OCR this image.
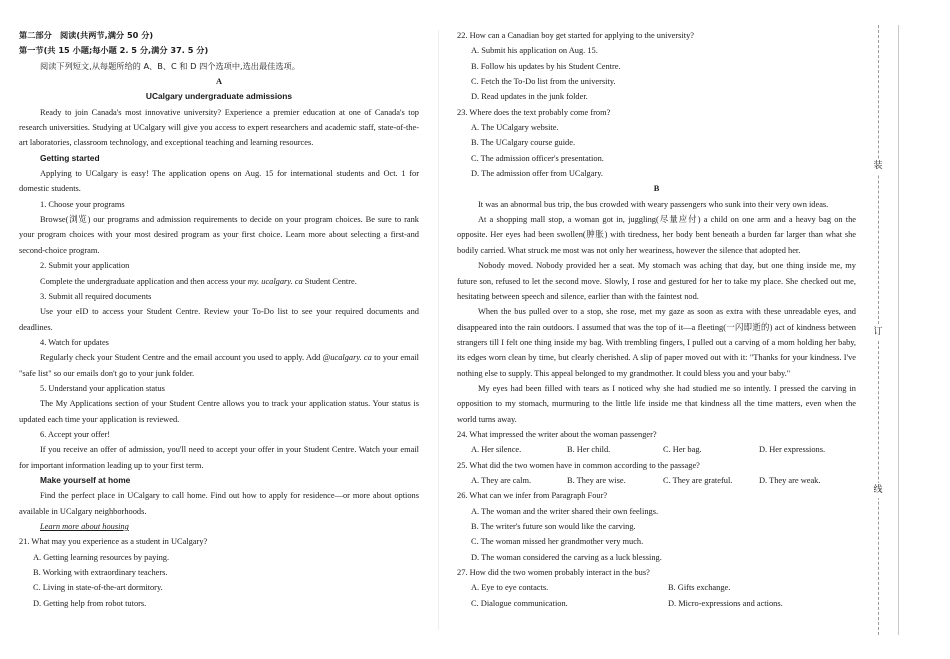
第二部分　阅读(共两节,满分 50 分)

第一节(共 15 小题;每小题 2. 5 分,满分 37. 5 分)

阅读下列短文,从每题所给的 A、B、C 和 D 四个选项中,选出最佳选项。

A

UCalgary undergraduate admissions

Ready to join Canada's most innovative university? Experience a premier education at one of Canada's top research universities. Studying at UCalgary will give you access to expert researchers and academic staff, state-of-the-art laboratories, classroom technology, and exceptional teaching and learning resources.

Getting started

Applying to UCalgary is easy! The application opens on Aug. 15 for international students and Oct. 1 for domestic students.

1. Choose your programs

Browse(浏览) our programs and admission requirements to decide on your program choices. Be sure to rank your program choices with your most desired program as your first choice. Learn more about selecting a first-and second-choice program.

2. Submit your application

Complete the undergraduate application and then access your my. ucalgary. ca Student Centre.

3. Submit all required documents

Use your eID to access your Student Centre. Review your To-Do list to see your required documents and deadlines.

4. Watch for updates

Regularly check your Student Centre and the email account you used to apply. Add @ucalgary. ca to your email "safe list" so our emails don't go to your junk folder.

5. Understand your application status

The My Applications section of your Student Centre allows you to track your application status. Your status is updated each time your application is reviewed.

6. Accept your offer!

If you receive an offer of admission, you'll need to accept your offer in your Student Centre. Watch your email for important information leading up to your first term.

Make yourself at home

Find the perfect place in UCalgary to call home. Find out how to apply for residence—or more about options available in UCalgary neighborhoods.

Learn more about housing

21. What may you experience as a student in UCalgary?

A. Getting learning resources by paying.

B. Working with extraordinary teachers.

C. Living in state-of-the-art dormitory.

D. Getting help from robot tutors.

22. How can a Canadian boy get started for applying to the university?

A. Submit his application on Aug. 15.

B. Follow his updates by his Student Centre.

C. Fetch the To-Do list from the university.

D. Read updates in the junk folder.

23. Where does the text probably come from?

A. The UCalgary website.

B. The UCalgary course guide.

C. The admission officer's presentation.

D. The admission offer from UCalgary.

B

It was an abnormal bus trip, the bus crowded with weary passengers who sunk into their very own ideas.

At a shopping mall stop, a woman got in, juggling(尽量应付) a child on one arm and a heavy bag on the opposite. Her eyes had been swollen(肿胀) with tiredness, her body bent beneath a burden far larger than what she bodily carried. What struck me most was not only her weariness, however the silence that adopted her.

Nobody moved. Nobody provided her a seat. My stomach was aching that day, but one thing inside me, my future son, refused to let the second move. Slowly, I rose and gestured for her to take my place. She checked out me, hesitating between speech and silence, earlier than with the faintest nod.

When the bus pulled over to a stop, she rose, met my gaze as soon as extra with these unreadable eyes, and disappeared into the rain outdoors. I assumed that was the top of it—a fleeting(一闪即逝的) act of kindness between strangers till I felt one thing inside my bag. With trembling fingers, I pulled out a carving of a mom holding her baby, its edges worn clean by time, but clearly cherished. A slip of paper moved out with it: "Thanks for your kindness. I've nothing else to supply. This appeal belonged to my grandmother. It could bless you and your baby."

My eyes had been filled with tears as I noticed why she had studied me so intently. I pressed the carving in opposition to my stomach, murmuring to the little life inside me that kindness all the time matters, even when the world turns away.

24. What impressed the writer about the woman passenger?

A. Her silence.	B. Her child.	C. Her bag.	D. Her expressions.

25. What did the two women have in common according to the passage?

A. They are calm.	B. They are wise.	C. They are grateful.	D. They are weak.

26. What can we infer from Paragraph Four?

A. The woman and the writer shared their own feelings.

B. The writer's future son would like the carving.

C. The woman missed her grandmother very much.

D. The woman considered the carving as a luck blessing.

27. How did the two women probably interact in the bus?

A. Eye to eye contacts.	B. Gifts exchange.

C. Dialogue communication.	D. Micro-expressions and actions.

装
订
线
